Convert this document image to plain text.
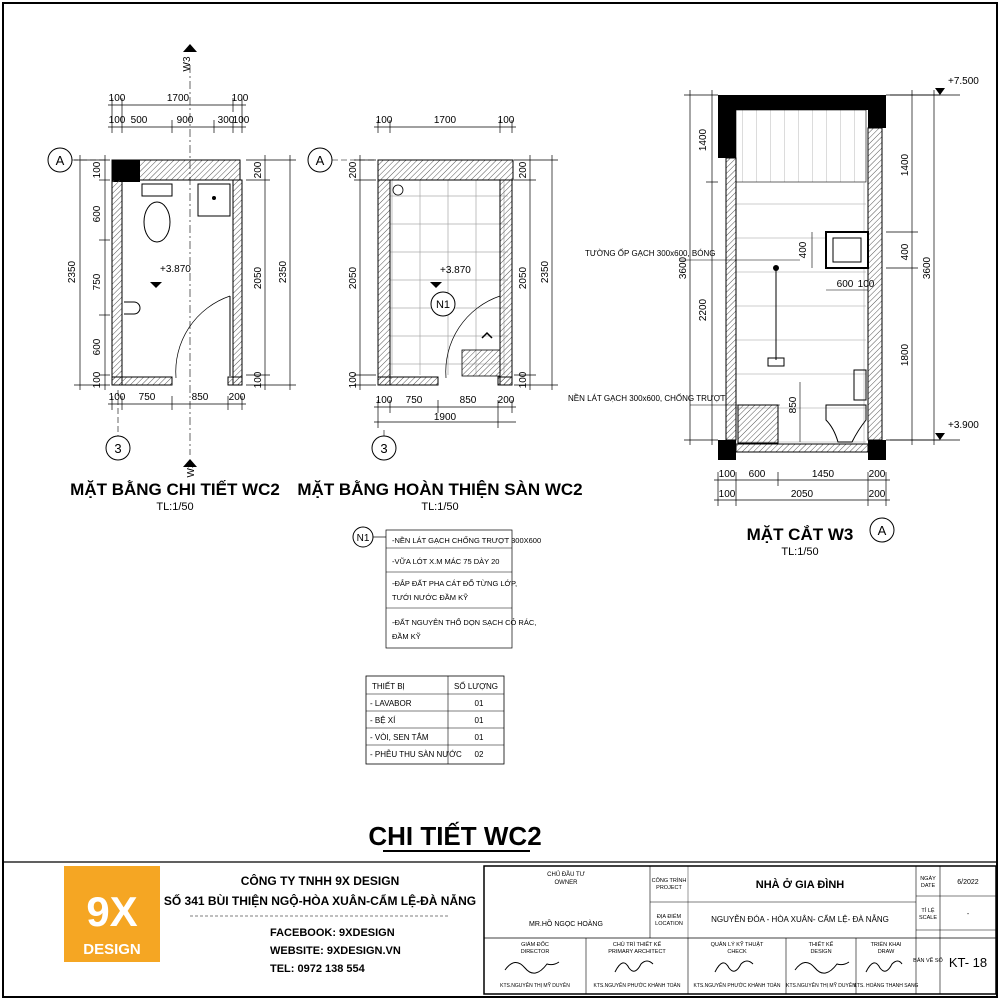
+3.870
W3
W3
A
3
100	1700	100
100 500	900 300
100
100
600
750
600
100
2350
200
2050
100
2350
100 750	850 200
MẶT BẰNG CHI TIẾT WC2
TL:1/50
+3.870
N1
A
3
100	1700	100
200
2050
100
200
2050
100
2350
100 750	850 200
1900
MẶT BẰNG HOÀN THIỆN SÀN WC2
TL:1/50
TƯỜNG ỐP GẠCH 300x600, BÓNG
NỀN LÁT GẠCH 300x600, CHỐNG TRƯỢT
+7.500
+3.900
1400
2200
3600
1400
400
1800
3600
400
600 100
850
100 600	1450	200
100	2050	200
A
MẶT CẮT W3
TL:1/50
N1	-NỀN LÁT GẠCH CHỐNG TRƯỢT 300X600
-VỮA LÓT X.M MÁC 75 DÀY 20
-ĐẮP ĐẤT PHA CÁT ĐỔ TỪNG LỚP,
TƯỚI NƯỚC ĐẦM KỸ
-ĐẤT NGUYÊN THỔ DỌN SẠCH CỎ RÁC,
ĐẦM KỸ
THIẾT BỊ	SỐ LƯỢNG
- LAVABOR	01
- BỆ XÍ	01
- VÒI, SEN TẮM	01
- PHỄU THU SÀN NƯỚC 02
CHI TIẾT WC2
9X
DESIGN
CÔNG TY TNHH 9X DESIGN
SỐ 341 BÙI THIỆN NGỘ-HÒA XUÂN-CẨM LỆ-ĐÀ NẴNG
FACEBOOK: 9XDESIGN
WEBSITE: 9XDESIGN.VN
TEL: 0972 138 554
CHỦ ĐẦU TƯ
OWNER
MR.HỒ NGỌC HOÀNG
CÔNG TRÌNH
PROJECT	NHÀ Ở GIA ĐÌNH
ĐỊA ĐIỂM
LOCATION	NGUYỄN ĐÓA - HÒA XUÂN- CẨM LỆ- ĐÀ NẴNG
NGÀY
DATE	6/2022
TỈ LỆ
SCALE	-
BẢN VẼ SỐ KT- 18
GIÁM ĐỐC
DIRECTOR
KTS.NGUYỄN THỊ MỸ DUYÊN
CHỦ TRÌ THIẾT KẾ
PRIMARY ARCHITECT
KTS.NGUYỄN PHƯỚC KHÁNH TOÀN
QUẢN LÝ KỸ THUẬT
CHECK
KTS.NGUYỄN PHƯỚC KHÁNH TOÀN
THIẾT KẾ
DESIGN
KTS.NGUYỄN THỊ MỸ DUYÊN
TRIỂN KHAI
DRAW
KTS. HOÀNG THANH SANG
